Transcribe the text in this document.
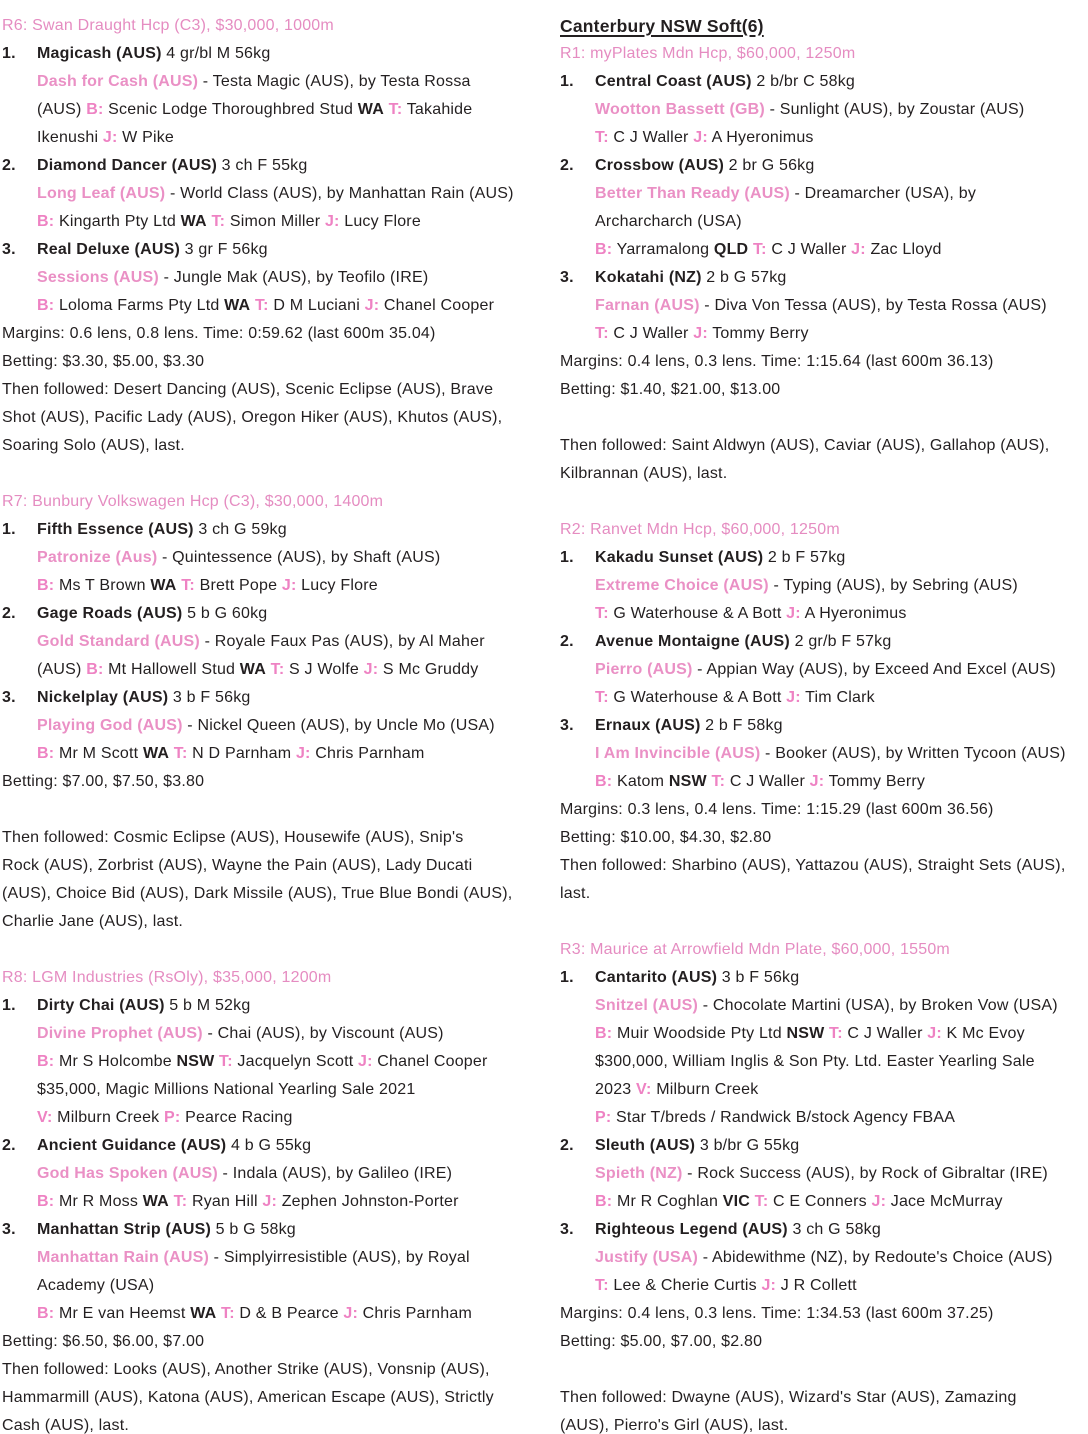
R6: Swan Draught Hcp (C3), $30,000, 1000m
1. Magicash (AUS) 4 gr/bl M 56kg
Dash for Cash (AUS) - Testa Magic (AUS), by Testa Rossa
(AUS) B: Scenic Lodge Thoroughbred Stud WA T: Takahide
Ikenushi J: W Pike
2. Diamond Dancer (AUS) 3 ch F 55kg
Long Leaf (AUS) - World Class (AUS), by Manhattan Rain (AUS)
B: Kingarth Pty Ltd WA T: Simon Miller J: Lucy Flore
3. Real Deluxe (AUS) 3 gr F 56kg
Sessions (AUS) - Jungle Mak (AUS), by Teofilo (IRE)
B: Loloma Farms Pty Ltd WA T: D M Luciani J: Chanel Cooper
Margins: 0.6 lens, 0.8 lens. Time: 0:59.62 (last 600m 35.04)
Betting: $3.30, $5.00, $3.30
Then followed: Desert Dancing (AUS), Scenic Eclipse (AUS), Brave
Shot (AUS), Pacific Lady (AUS), Oregon Hiker (AUS), Khutos (AUS),
Soaring Solo (AUS), last.
R7: Bunbury Volkswagen Hcp (C3), $30,000, 1400m
1. Fifth Essence (AUS) 3 ch G 59kg
Patronize (Aus) - Quintessence (AUS), by Shaft (AUS)
B: Ms T Brown WA T: Brett Pope J: Lucy Flore
2. Gage Roads (AUS) 5 b G 60kg
Gold Standard (AUS) - Royale Faux Pas (AUS), by Al Maher
(AUS) B: Mt Hallowell Stud WA T: S J Wolfe J: S Mc Gruddy
3. Nickelplay (AUS) 3 b F 56kg
Playing God (AUS) - Nickel Queen (AUS), by Uncle Mo (USA)
B: Mr M Scott WA T: N D Parnham J: Chris Parnham
Betting: $7.00, $7.50, $3.80
Then followed: Cosmic Eclipse (AUS), Housewife (AUS), Snip's
Rock (AUS), Zorbrist (AUS), Wayne the Pain (AUS), Lady Ducati
(AUS), Choice Bid (AUS), Dark Missile (AUS), True Blue Bondi (AUS),
Charlie Jane (AUS), last.
R8: LGM Industries (RsOly), $35,000, 1200m
1. Dirty Chai (AUS) 5 b M 52kg
Divine Prophet (AUS) - Chai (AUS), by Viscount (AUS)
B: Mr S Holcombe NSW T: Jacquelyn Scott J: Chanel Cooper
$35,000, Magic Millions National Yearling Sale 2021
V: Milburn Creek P: Pearce Racing
2. Ancient Guidance (AUS) 4 b G 55kg
God Has Spoken (AUS) - Indala (AUS), by Galileo (IRE)
B: Mr R Moss WA T: Ryan Hill J: Zephen Johnston-Porter
3. Manhattan Strip (AUS) 5 b G 58kg
Manhattan Rain (AUS) - Simplyirresistible (AUS), by Royal
Academy (USA)
B: Mr E van Heemst WA T: D & B Pearce J: Chris Parnham
Betting: $6.50, $6.00, $7.00
Then followed: Looks (AUS), Another Strike (AUS), Vonsnip (AUS),
Hammarmill (AUS), Katona (AUS), American Escape (AUS), Strictly
Cash (AUS), last.
Canterbury NSW Soft(6)
R1: myPlates Mdn Hcp, $60,000, 1250m
1. Central Coast (AUS) 2 b/br C 58kg
Wootton Bassett (GB) - Sunlight (AUS), by Zoustar (AUS)
T: C J Waller J: A Hyeronimus
2. Crossbow (AUS) 2 br G 56kg
Better Than Ready (AUS) - Dreamarcher (USA), by
Archarcharch (USA)
B: Yarramalong QLD T: C J Waller J: Zac Lloyd
3. Kokatahi (NZ) 2 b G 57kg
Farnan (AUS) - Diva Von Tessa (AUS), by Testa Rossa (AUS)
T: C J Waller J: Tommy Berry
Margins: 0.4 lens, 0.3 lens. Time: 1:15.64 (last 600m 36.13)
Betting: $1.40, $21.00, $13.00
Then followed: Saint Aldwyn (AUS), Caviar (AUS), Gallahop (AUS),
Kilbrannan (AUS), last.
R2: Ranvet Mdn Hcp, $60,000, 1250m
1. Kakadu Sunset (AUS) 2 b F 57kg
Extreme Choice (AUS) - Typing (AUS), by Sebring (AUS)
T: G Waterhouse & A Bott J: A Hyeronimus
2. Avenue Montaigne (AUS) 2 gr/b F 57kg
Pierro (AUS) - Appian Way (AUS), by Exceed And Excel (AUS)
T: G Waterhouse & A Bott J: Tim Clark
3. Ernaux (AUS) 2 b F 58kg
I Am Invincible (AUS) - Booker (AUS), by Written Tycoon (AUS)
B: Katom NSW T: C J Waller J: Tommy Berry
Margins: 0.3 lens, 0.4 lens. Time: 1:15.29 (last 600m 36.56)
Betting: $10.00, $4.30, $2.80
Then followed: Sharbino (AUS), Yattazou (AUS), Straight Sets (AUS),
last.
R3: Maurice at Arrowfield Mdn Plate, $60,000, 1550m
1. Cantarito (AUS) 3 b F 56kg
Snitzel (AUS) - Chocolate Martini (USA), by Broken Vow (USA)
B: Muir Woodside Pty Ltd NSW T: C J Waller J: K Mc Evoy
$300,000, William Inglis & Son Pty. Ltd. Easter Yearling Sale
2023 V: Milburn Creek
P: Star T/breds / Randwick B/stock Agency FBAA
2. Sleuth (AUS) 3 b/br G 55kg
Spieth (NZ) - Rock Success (AUS), by Rock of Gibraltar (IRE)
B: Mr R Coghlan VIC T: C E Conners J: Jace McMurray
3. Righteous Legend (AUS) 3 ch G 58kg
Justify (USA) - Abidewithme (NZ), by Redoute's Choice (AUS)
T: Lee & Cherie Curtis J: J R Collett
Margins: 0.4 lens, 0.3 lens. Time: 1:34.53 (last 600m 37.25)
Betting: $5.00, $7.00, $2.80
Then followed: Dwayne (AUS), Wizard's Star (AUS), Zamazing
(AUS), Pierro's Girl (AUS), last.
